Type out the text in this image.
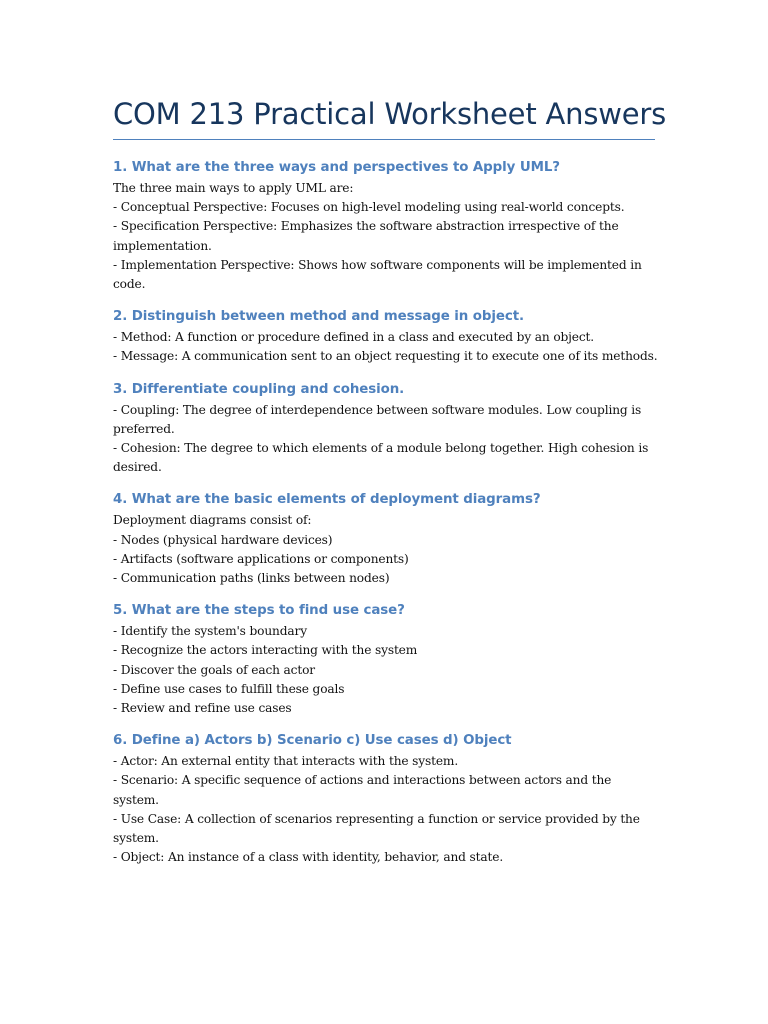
COM 213 Practical Worksheet Answers
1. What are the three ways and perspectives to Apply UML?

The three main ways to apply UML are:

- Conceptual Perspective: Focuses on high-level modeling using real-world concepts.

- Specification Perspective: Emphasizes the software abstraction irrespective of the

implementation.

- Implementation Perspective: Shows how software components will be implemented in

code.

2. Distinguish between method and message in object.

- Method: A function or procedure defined in a class and executed by an object.

- Message: A communication sent to an object requesting it to execute one of its methods.

3. Differentiate coupling and cohesion.

- Coupling: The degree of interdependence between software modules. Low coupling is

preferred.

- Cohesion: The degree to which elements of a module belong together. High cohesion is

desired.

4. What are the basic elements of deployment diagrams?

Deployment diagrams consist of:

- Nodes (physical hardware devices)

- Artifacts (software applications or components)

- Communication paths (links between nodes)

5. What are the steps to find use case?

- Identify the system's boundary

- Recognize the actors interacting with the system

- Discover the goals of each actor

- Define use cases to fulfill these goals

- Review and refine use cases

6. Define a) Actors b) Scenario c) Use cases d) Object

- Actor: An external entity that interacts with the system.

- Scenario: A specific sequence of actions and interactions between actors and the system.

- Use Case: A collection of scenarios representing a function or service provided by the

system.

- Object: An instance of a class with identity, behavior, and state.
